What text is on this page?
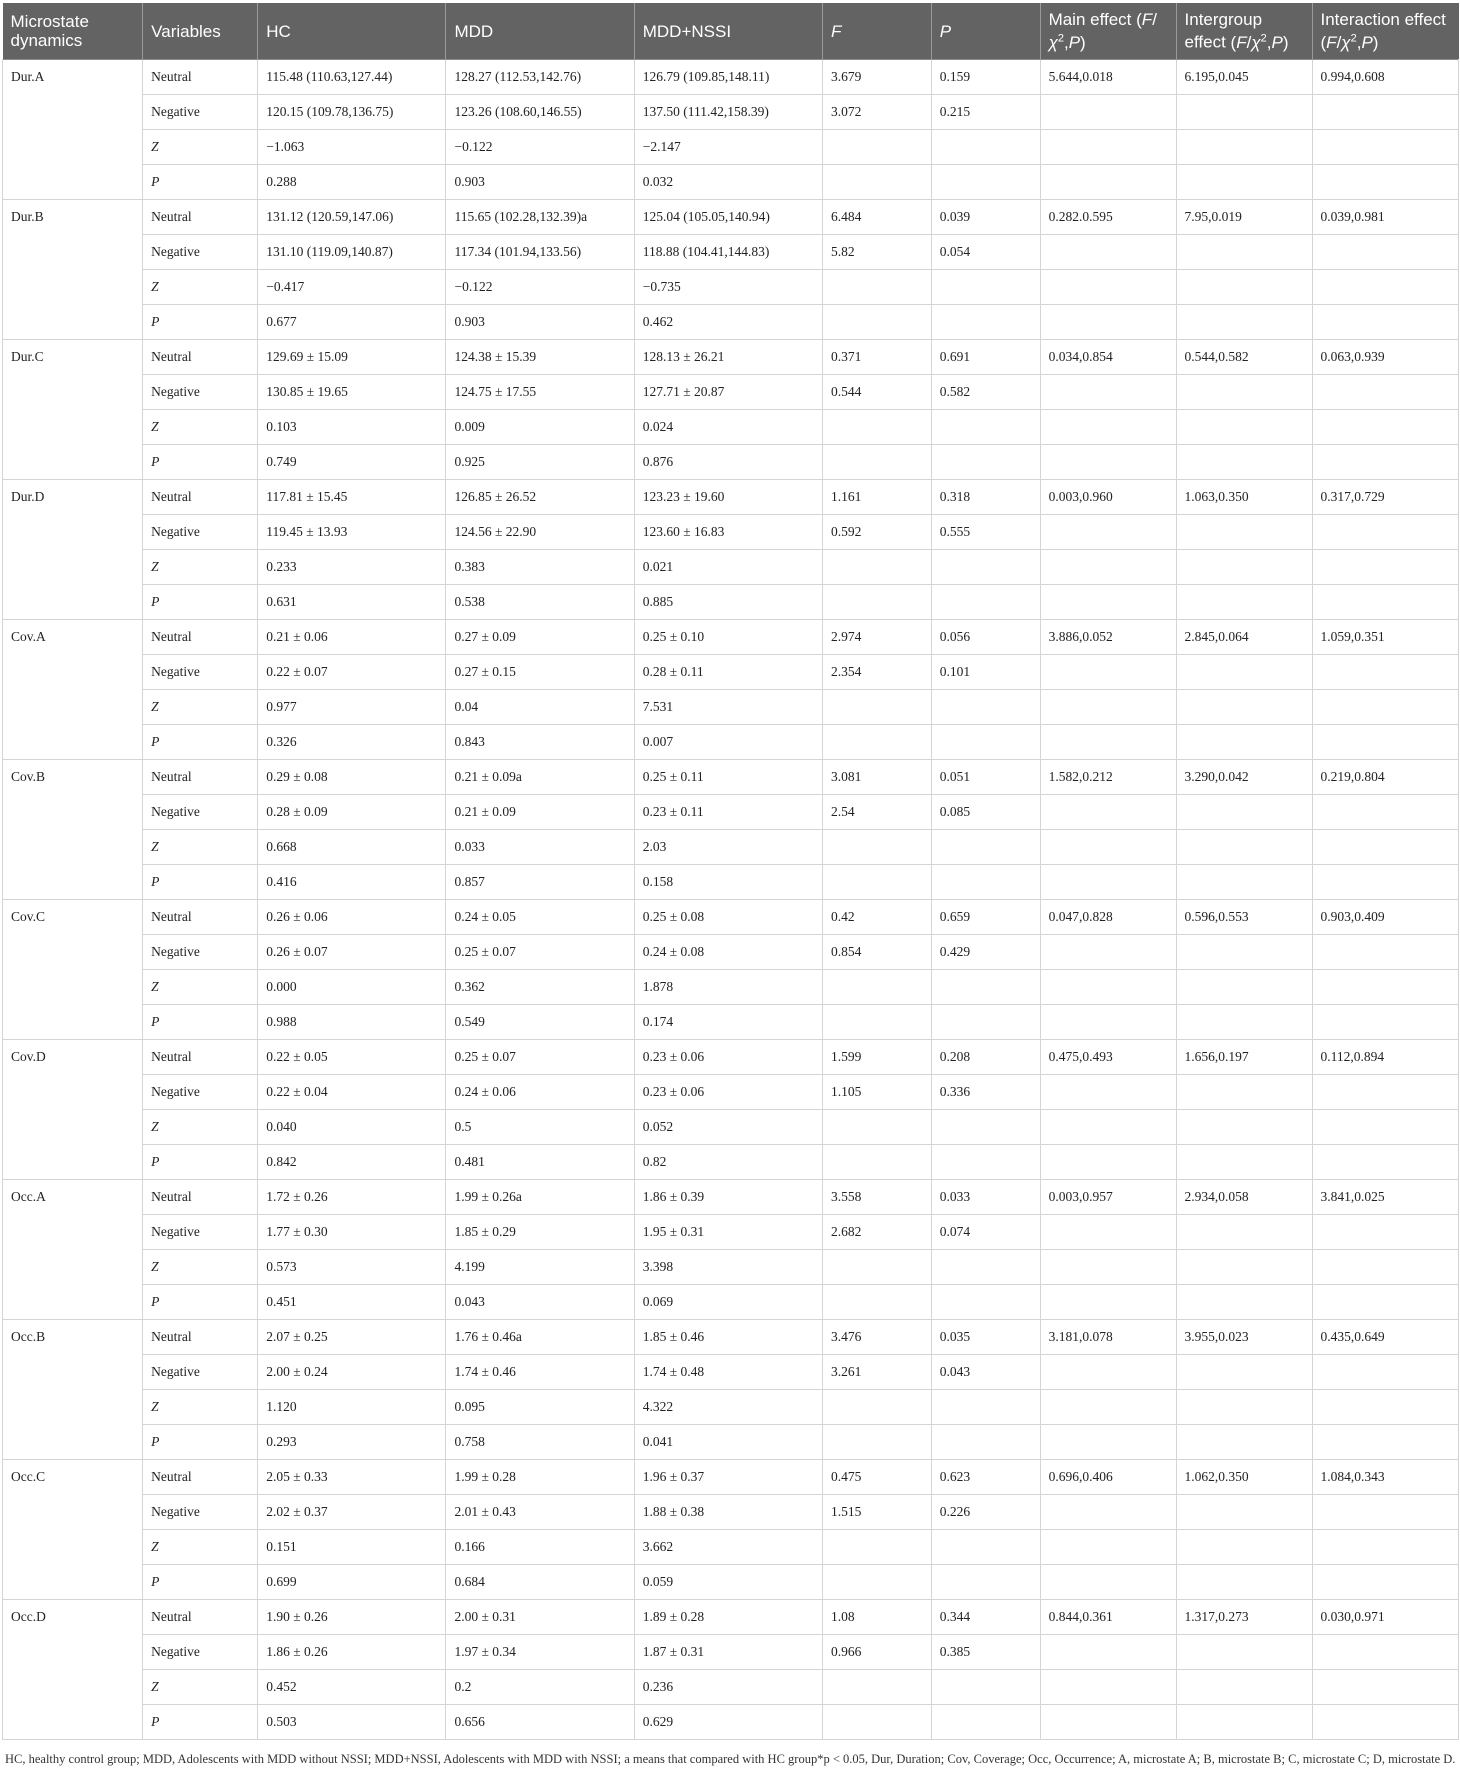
Microstate dynamics	Variables	HC	MDD	MDD+NSSI	F	P	Main effect $(F/\chi^2,P)$	Intergroup effect $(F/\chi^2,P)$	Interaction effect $(F/\chi^2,P)$
Dur.A	Neutral	115.48 (110.63,127.44)	128.27 (112.53,142.76)	126.79 (109.85,148.11)	3.679	0.159	5.644,0.018	6.195,0.045	0.994,0.608
	Negative	120.15 (109.78,136.75)	123.26 (108.60,146.55)	137.50 (111.42,158.39)	3.072	0.215			
	Z	−1.063	−0.122	−2.147					
	P	0.288	0.903	0.032					
Dur.B	Neutral	131.12 (120.59,147.06)	115.65 (102.28,132.39)a	125.04 (105.05,140.94)	6.484	0.039	0.282.0.595	7.95,0.019	0.039,0.981
	Negative	131.10 (119.09,140.87)	117.34 (101.94,133.56)	118.88 (104.41,144.83)	5.82	0.054			
	Z	−0.417	−0.122	−0.735					
	P	0.677	0.903	0.462					
Dur.C	Neutral	129.69 ± 15.09	124.38 ± 15.39	128.13 ± 26.21	0.371	0.691	0.034,0.854	0.544,0.582	0.063,0.939
	Negative	130.85 ± 19.65	124.75 ± 17.55	127.71 ± 20.87	0.544	0.582			
	Z	0.103	0.009	0.024					
	P	0.749	0.925	0.876					
Dur.D	Neutral	117.81 ± 15.45	126.85 ± 26.52	123.23 ± 19.60	1.161	0.318	0.003,0.960	1.063,0.350	0.317,0.729
	Negative	119.45 ± 13.93	124.56 ± 22.90	123.60 ± 16.83	0.592	0.555			
	Z	0.233	0.383	0.021					
	P	0.631	0.538	0.885					
Cov.A	Neutral	0.21 ± 0.06	0.27 ± 0.09	0.25 ± 0.10	2.974	0.056	3.886,0.052	2.845,0.064	1.059,0.351
	Negative	0.22 ± 0.07	0.27 ± 0.15	0.28 ± 0.11	2.354	0.101			
	Z	0.977	0.04	7.531					
	P	0.326	0.843	0.007					
Cov.B	Neutral	0.29 ± 0.08	0.21 ± 0.09a	0.25 ± 0.11	3.081	0.051	1.582,0.212	3.290,0.042	0.219,0.804
	Negative	0.28 ± 0.09	0.21 ± 0.09	0.23 ± 0.11	2.54	0.085			
	Z	0.668	0.033	2.03					
	P	0.416	0.857	0.158					
Cov.C	Neutral	0.26 ± 0.06	0.24 ± 0.05	0.25 ± 0.08	0.42	0.659	0.047,0.828	0.596,0.553	0.903,0.409
	Negative	0.26 ± 0.07	0.25 ± 0.07	0.24 ± 0.08	0.854	0.429			
	Z	0.000	0.362	1.878					
	P	0.988	0.549	0.174					
Cov.D	Neutral	0.22 ± 0.05	0.25 ± 0.07	0.23 ± 0.06	1.599	0.208	0.475,0.493	1.656,0.197	0.112,0.894
	Negative	0.22 ± 0.04	0.24 ± 0.06	0.23 ± 0.06	1.105	0.336			
	Z	0.040	0.5	0.052					
	P	0.842	0.481	0.82					
Occ.A	Neutral	1.72 ± 0.26	1.99 ± 0.26a	1.86 ± 0.39	3.558	0.033	0.003,0.957	2.934,0.058	3.841,0.025
	Negative	1.77 ± 0.30	1.85 ± 0.29	1.95 ± 0.31	2.682	0.074			
	Z	0.573	4.199	3.398					
	P	0.451	0.043	0.069					
Occ.B	Neutral	2.07 ± 0.25	1.76 ± 0.46a	1.85 ± 0.46	3.476	0.035	3.181,0.078	3.955,0.023	0.435,0.649
	Negative	2.00 ± 0.24	1.74 ± 0.46	1.74 ± 0.48	3.261	0.043			
	Z	1.120	0.095	4.322					
	P	0.293	0.758	0.041					
Occ.C	Neutral	2.05 ± 0.33	1.99 ± 0.28	1.96 ± 0.37	0.475	0.623	0.696,0.406	1.062,0.350	1.084,0.343
	Negative	2.02 ± 0.37	2.01 ± 0.43	1.88 ± 0.38	1.515	0.226			
	Z	0.151	0.166	3.662					
	P	0.699	0.684	0.059					
Occ.D	Neutral	1.90 ± 0.26	2.00 ± 0.31	1.89 ± 0.28	1.08	0.344	0.844,0.361	1.317,0.273	0.030,0.971
	Negative	1.86 ± 0.26	1.97 ± 0.34	1.87 ± 0.31	0.966	0.385			
	Z	0.452	0.2	0.236					
	P	0.503	0.656	0.629					
HC, healthy control group; MDD, Adolescents with MDD without NSSI; MDD+NSSI, Adolescents with MDD with NSSI; a means that compared with HC group*p < 0.05, Dur, Duration; Cov, Coverage; Occ, Occurrence; A, microstate A; B, microstate B; C, microstate C; D, microstate D.
